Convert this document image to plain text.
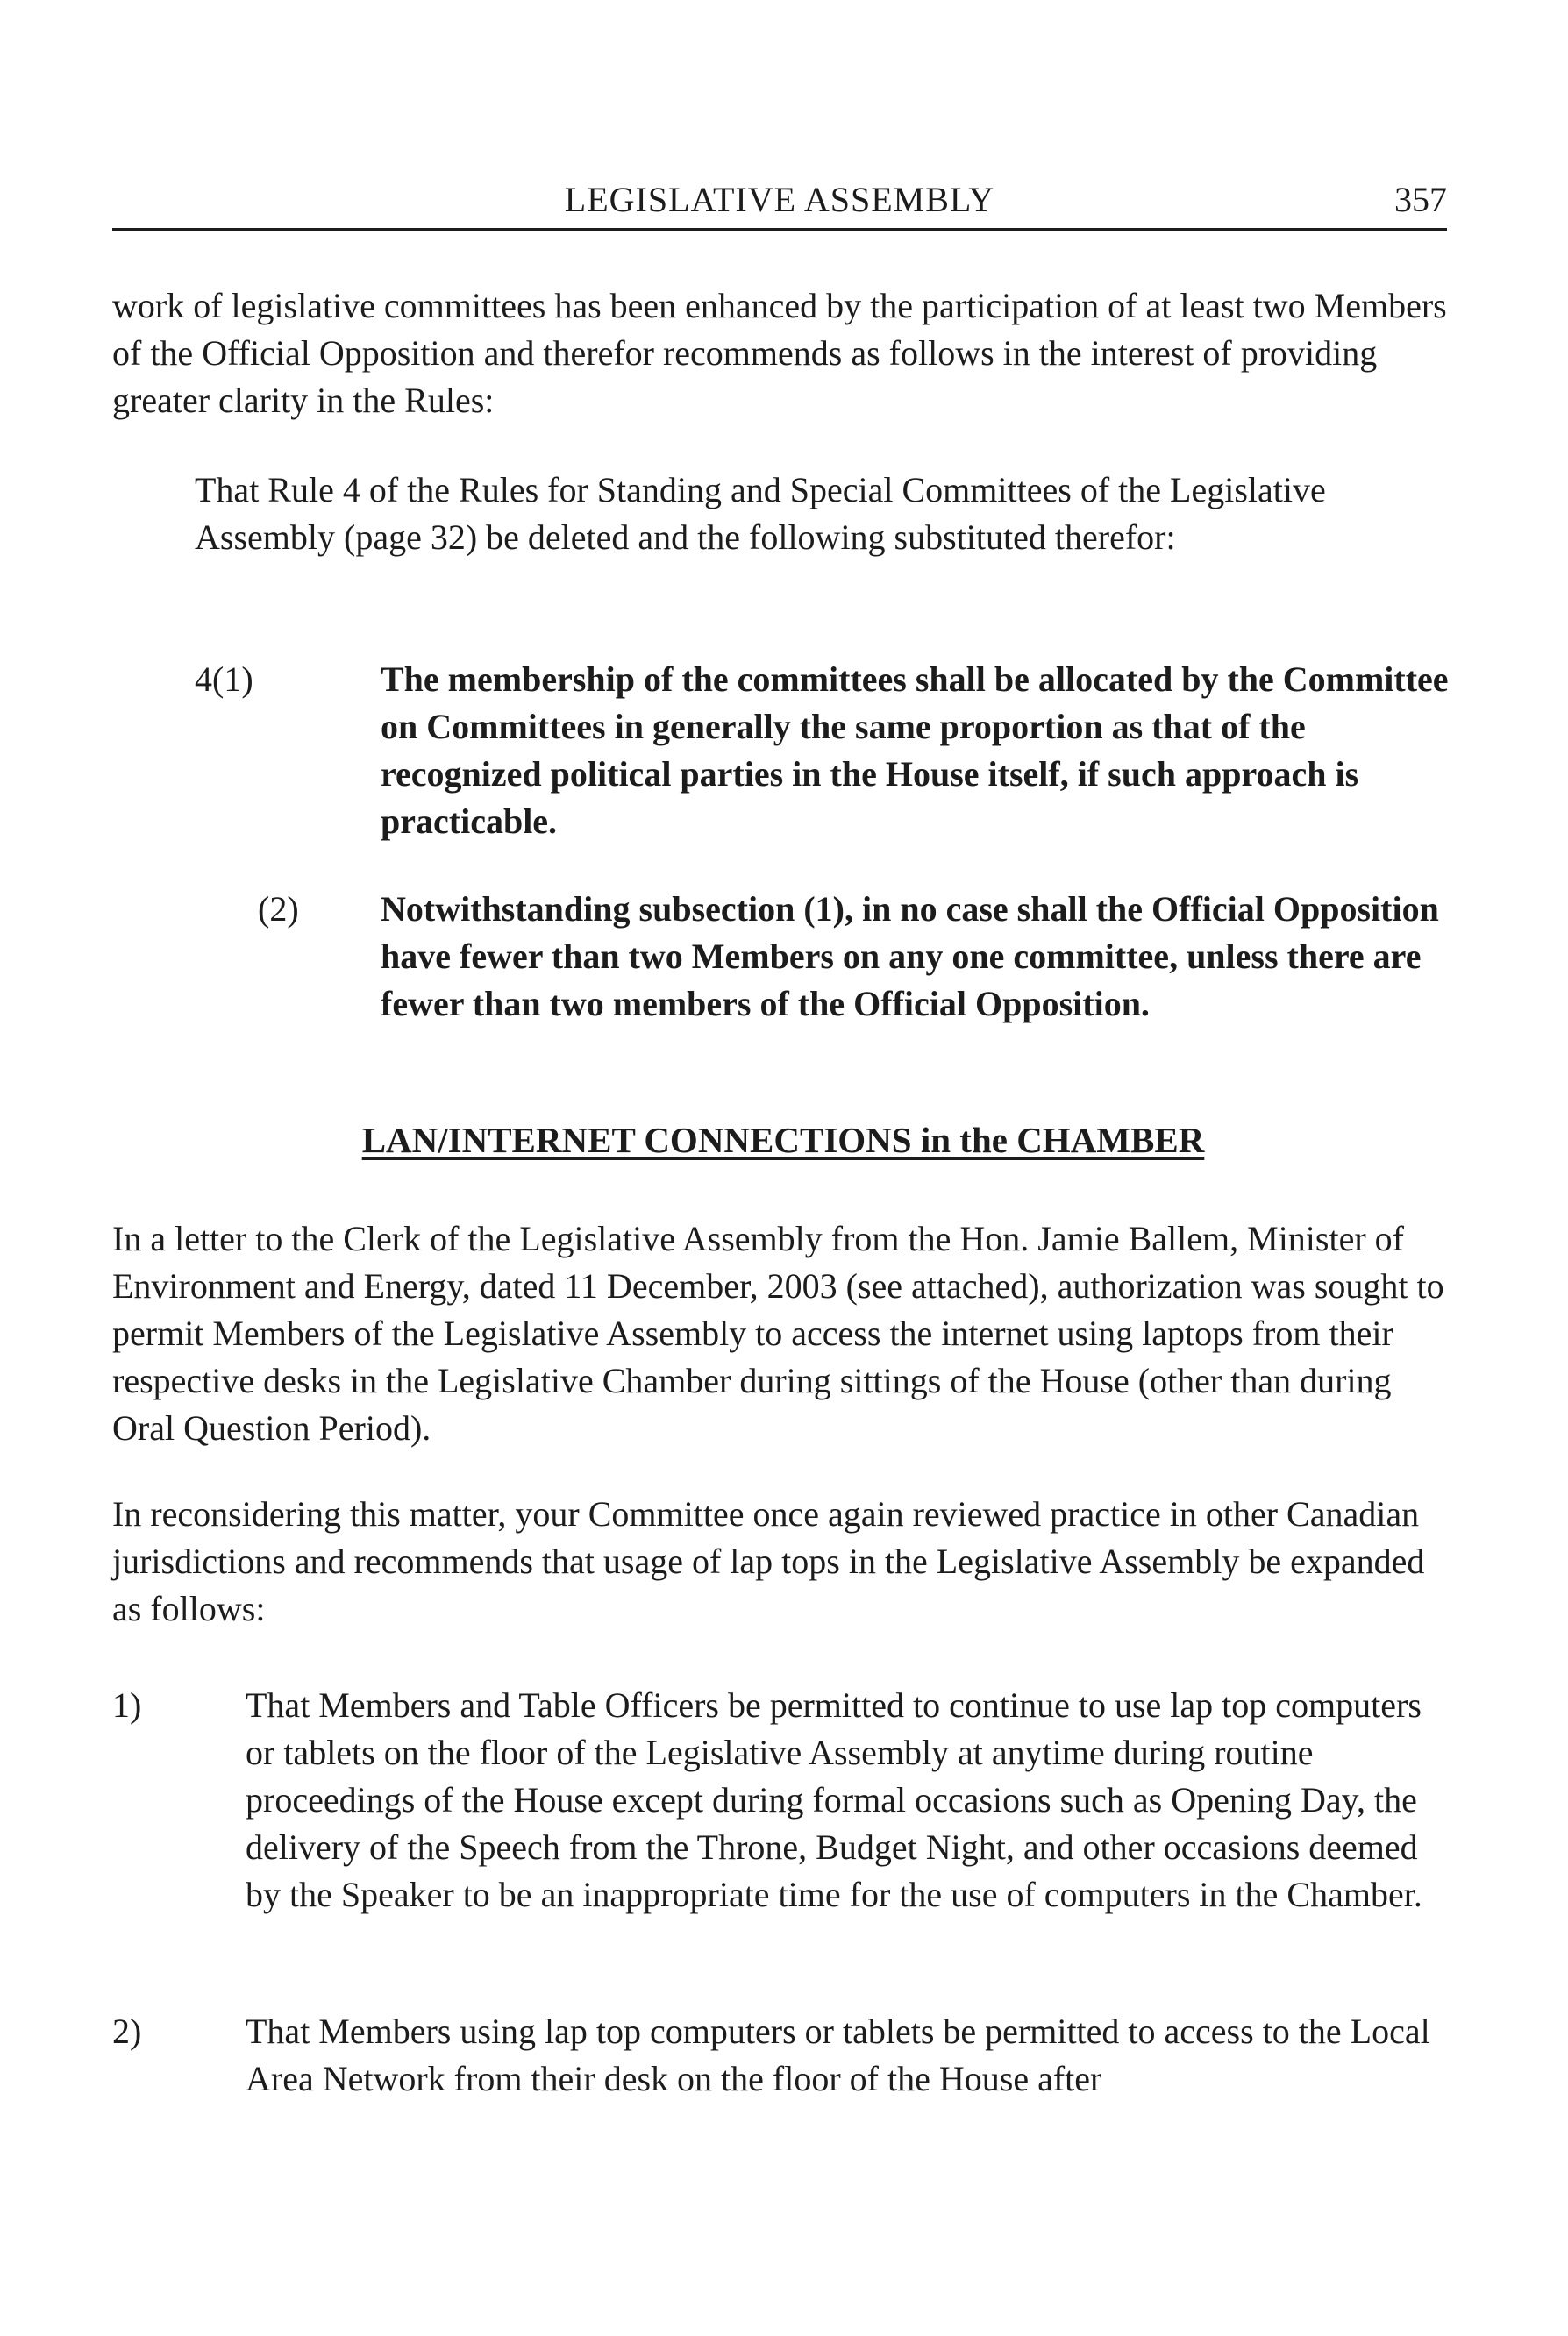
LEGISLATIVE ASSEMBLY	357

work of legislative committees has been enhanced by the participation of at least two Members of the Official Opposition and therefor recommends as follows in the interest of providing greater clarity in the Rules:

That Rule 4 of the Rules for Standing and Special Committees of the Legislative Assembly (page 32) be deleted and the following substituted therefor:

4(1)	The membership of the committees shall be allocated by the Committee on Committees in generally the same proportion as that of the recognized political parties in the House itself, if such approach is practicable.

(2) Notwithstanding subsection (1), in no case shall the Official Opposition have fewer than two Members on any one committee, unless there are fewer than two members of the Official Opposition.

LAN/INTERNET CONNECTIONS in the CHAMBER

In a letter to the Clerk of the Legislative Assembly from the Hon. Jamie Ballem, Minister of Environment and Energy, dated 11 December, 2003 (see attached), authorization was sought to permit Members of the Legislative Assembly to access the internet using laptops from their respective desks in the Legislative Chamber during sittings of the House (other than during Oral Question Period).

In reconsidering this matter, your Committee once again reviewed practice in other Canadian jurisdictions and recommends that usage of lap tops in the Legislative Assembly be expanded as follows:

1)	That Members and Table Officers be permitted to continue to use lap top computers or tablets on the floor of the Legislative Assembly at anytime during routine proceedings of the House except during formal occasions such as Opening Day, the delivery of the Speech from the Throne, Budget Night, and other occasions deemed by the Speaker to be an inappropriate time for the use of computers in the Chamber.

2)	That Members using lap top computers or tablets be permitted to access to the Local Area Network from their desk on the floor of the House after
